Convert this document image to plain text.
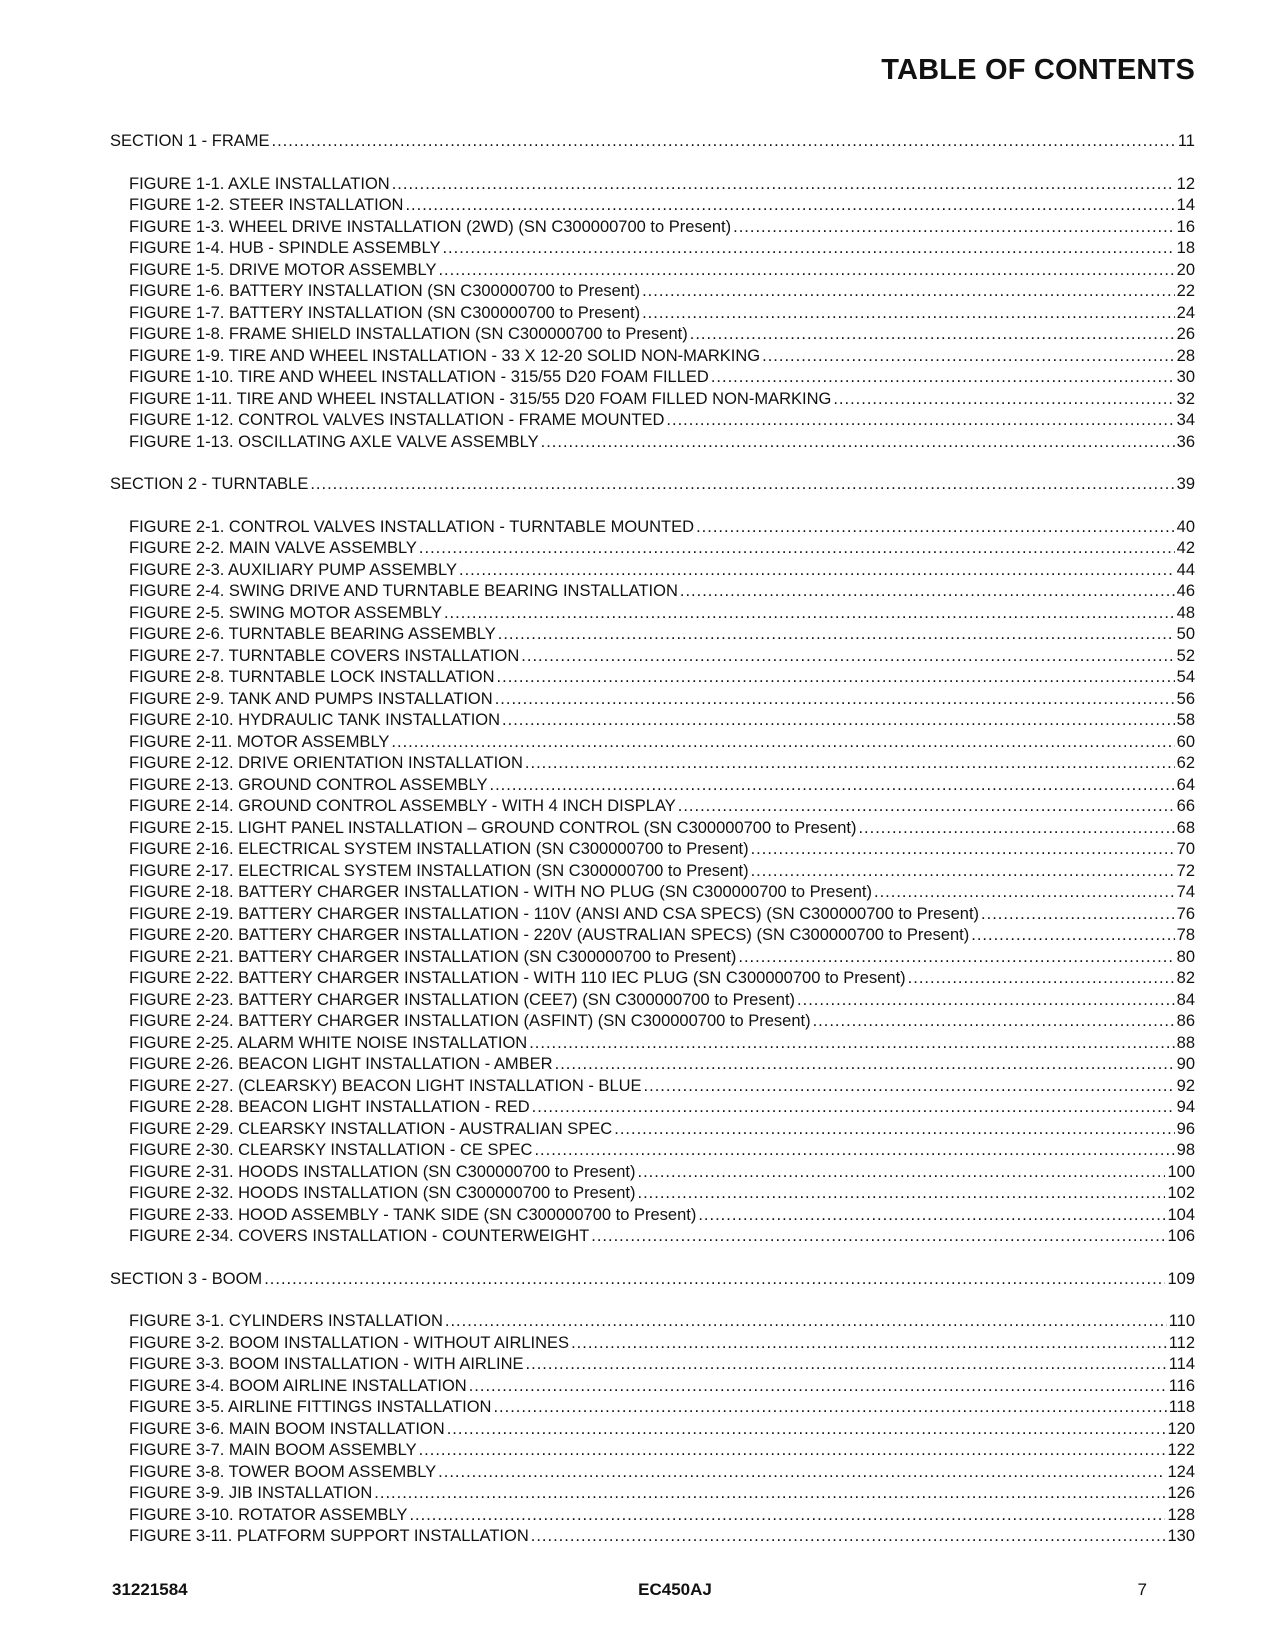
TABLE OF CONTENTS
SECTION 1 - FRAME .....	11
FIGURE 1-1. AXLE INSTALLATION .....	12
FIGURE 1-2. STEER INSTALLATION .....	14
FIGURE 1-3. WHEEL DRIVE INSTALLATION (2WD) (SN C300000700 to Present) .....	16
FIGURE 1-4. HUB - SPINDLE ASSEMBLY .....	18
FIGURE 1-5. DRIVE MOTOR ASSEMBLY .....	20
FIGURE 1-6. BATTERY INSTALLATION (SN C300000700 to Present) .....	22
FIGURE 1-7. BATTERY INSTALLATION (SN C300000700 to Present) .....	24
FIGURE 1-8. FRAME SHIELD INSTALLATION (SN C300000700 to Present) .....	26
FIGURE 1-9. TIRE AND WHEEL INSTALLATION - 33 X 12-20 SOLID NON-MARKING .....	28
FIGURE 1-10. TIRE AND WHEEL INSTALLATION - 315/55 D20 FOAM FILLED .....	30
FIGURE 1-11. TIRE AND WHEEL INSTALLATION - 315/55 D20 FOAM FILLED NON-MARKING .....	32
FIGURE 1-12. CONTROL VALVES INSTALLATION - FRAME MOUNTED .....	34
FIGURE 1-13. OSCILLATING AXLE VALVE ASSEMBLY .....	36
SECTION 2 - TURNTABLE .....	39
FIGURE 2-1. CONTROL VALVES INSTALLATION - TURNTABLE MOUNTED .....	40
FIGURE 2-2. MAIN VALVE ASSEMBLY .....	42
FIGURE 2-3. AUXILIARY PUMP ASSEMBLY .....	44
FIGURE 2-4. SWING DRIVE AND TURNTABLE BEARING INSTALLATION .....	46
FIGURE 2-5. SWING MOTOR ASSEMBLY .....	48
FIGURE 2-6. TURNTABLE BEARING ASSEMBLY .....	50
FIGURE 2-7. TURNTABLE COVERS INSTALLATION .....	52
FIGURE 2-8. TURNTABLE LOCK INSTALLATION .....	54
FIGURE 2-9. TANK AND PUMPS INSTALLATION .....	56
FIGURE 2-10. HYDRAULIC TANK INSTALLATION .....	58
FIGURE 2-11. MOTOR ASSEMBLY .....	60
FIGURE 2-12. DRIVE ORIENTATION INSTALLATION .....	62
FIGURE 2-13. GROUND CONTROL ASSEMBLY .....	64
FIGURE 2-14. GROUND CONTROL ASSEMBLY - WITH 4 INCH DISPLAY .....	66
FIGURE 2-15. LIGHT PANEL INSTALLATION – GROUND CONTROL (SN C300000700 to Present) .....	68
FIGURE 2-16. ELECTRICAL SYSTEM INSTALLATION (SN C300000700 to Present) .....	70
FIGURE 2-17. ELECTRICAL SYSTEM INSTALLATION (SN C300000700 to Present) .....	72
FIGURE 2-18. BATTERY CHARGER INSTALLATION - WITH NO PLUG (SN C300000700 to Present) .....	74
FIGURE 2-19. BATTERY CHARGER INSTALLATION - 110V (ANSI AND CSA SPECS) (SN C300000700 to Present) .....	76
FIGURE 2-20. BATTERY CHARGER INSTALLATION - 220V (AUSTRALIAN SPECS) (SN C300000700 to Present) .....	78
FIGURE 2-21. BATTERY CHARGER INSTALLATION (SN C300000700 to Present) .....	80
FIGURE 2-22. BATTERY CHARGER INSTALLATION - WITH 110 IEC PLUG (SN C300000700 to Present) .....	82
FIGURE 2-23. BATTERY CHARGER INSTALLATION (CEE7) (SN C300000700 to Present) .....	84
FIGURE 2-24. BATTERY CHARGER INSTALLATION (ASFINT) (SN C300000700 to Present) .....	86
FIGURE 2-25. ALARM WHITE NOISE INSTALLATION .....	88
FIGURE 2-26. BEACON LIGHT INSTALLATION - AMBER .....	90
FIGURE 2-27. (CLEARSKY) BEACON LIGHT INSTALLATION - BLUE .....	92
FIGURE 2-28. BEACON LIGHT INSTALLATION - RED .....	94
FIGURE 2-29. CLEARSKY INSTALLATION - AUSTRALIAN SPEC .....	96
FIGURE 2-30. CLEARSKY INSTALLATION - CE SPEC .....	98
FIGURE 2-31. HOODS INSTALLATION (SN C300000700 to Present) .....	100
FIGURE 2-32. HOODS INSTALLATION (SN C300000700 to Present) .....	102
FIGURE 2-33. HOOD ASSEMBLY - TANK SIDE (SN C300000700 to Present) .....	104
FIGURE 2-34. COVERS INSTALLATION - COUNTERWEIGHT .....	106
SECTION 3 - BOOM .....	109
FIGURE 3-1. CYLINDERS INSTALLATION .....	110
FIGURE 3-2. BOOM INSTALLATION - WITHOUT AIRLINES .....	112
FIGURE 3-3. BOOM INSTALLATION - WITH AIRLINE .....	114
FIGURE 3-4. BOOM AIRLINE INSTALLATION .....	116
FIGURE 3-5. AIRLINE FITTINGS INSTALLATION .....	118
FIGURE 3-6. MAIN BOOM INSTALLATION .....	120
FIGURE 3-7. MAIN BOOM ASSEMBLY .....	122
FIGURE 3-8. TOWER BOOM ASSEMBLY .....	124
FIGURE 3-9. JIB INSTALLATION .....	126
FIGURE 3-10. ROTATOR ASSEMBLY .....	128
FIGURE 3-11. PLATFORM SUPPORT INSTALLATION .....	130
31221584	EC450AJ	7
